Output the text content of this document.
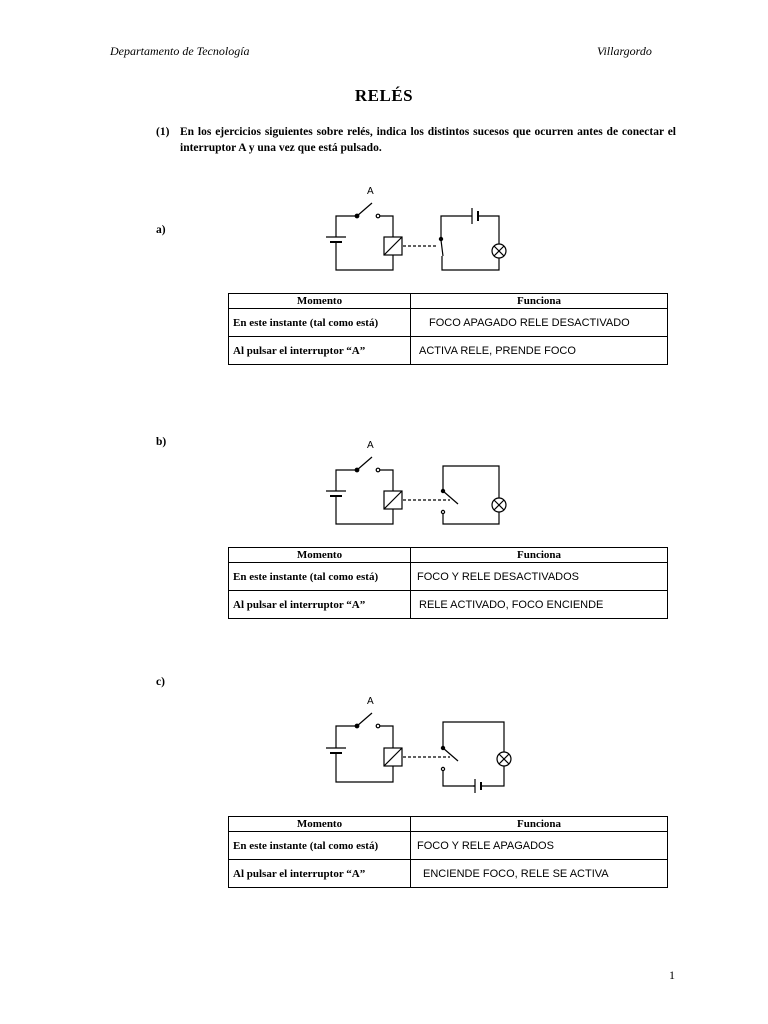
Departamento de Tecnología	Villargordo
RELÉS
(1) En los ejercicios siguientes sobre relés, indica los distintos sucesos que ocurren antes de conectar el interruptor A y una vez que está pulsado.
a)
A
Momento	Funciona
En este instante (tal como está)	FOCO APAGADO RELE DESACTIVADO
Al pulsar el interruptor “A”	ACTIVA RELE, PRENDE FOCO
b)	A
Momento	Funciona
En este instante (tal como está)	FOCO Y RELE DESACTIVADOS
Al pulsar el interruptor “A”	RELE ACTIVADO, FOCO ENCIENDE
c)
A
Momento	Funciona
En este instante (tal como está)	FOCO Y RELE APAGADOS
Al pulsar el interruptor “A”	ENCIENDE FOCO, RELE SE ACTIVA
1
